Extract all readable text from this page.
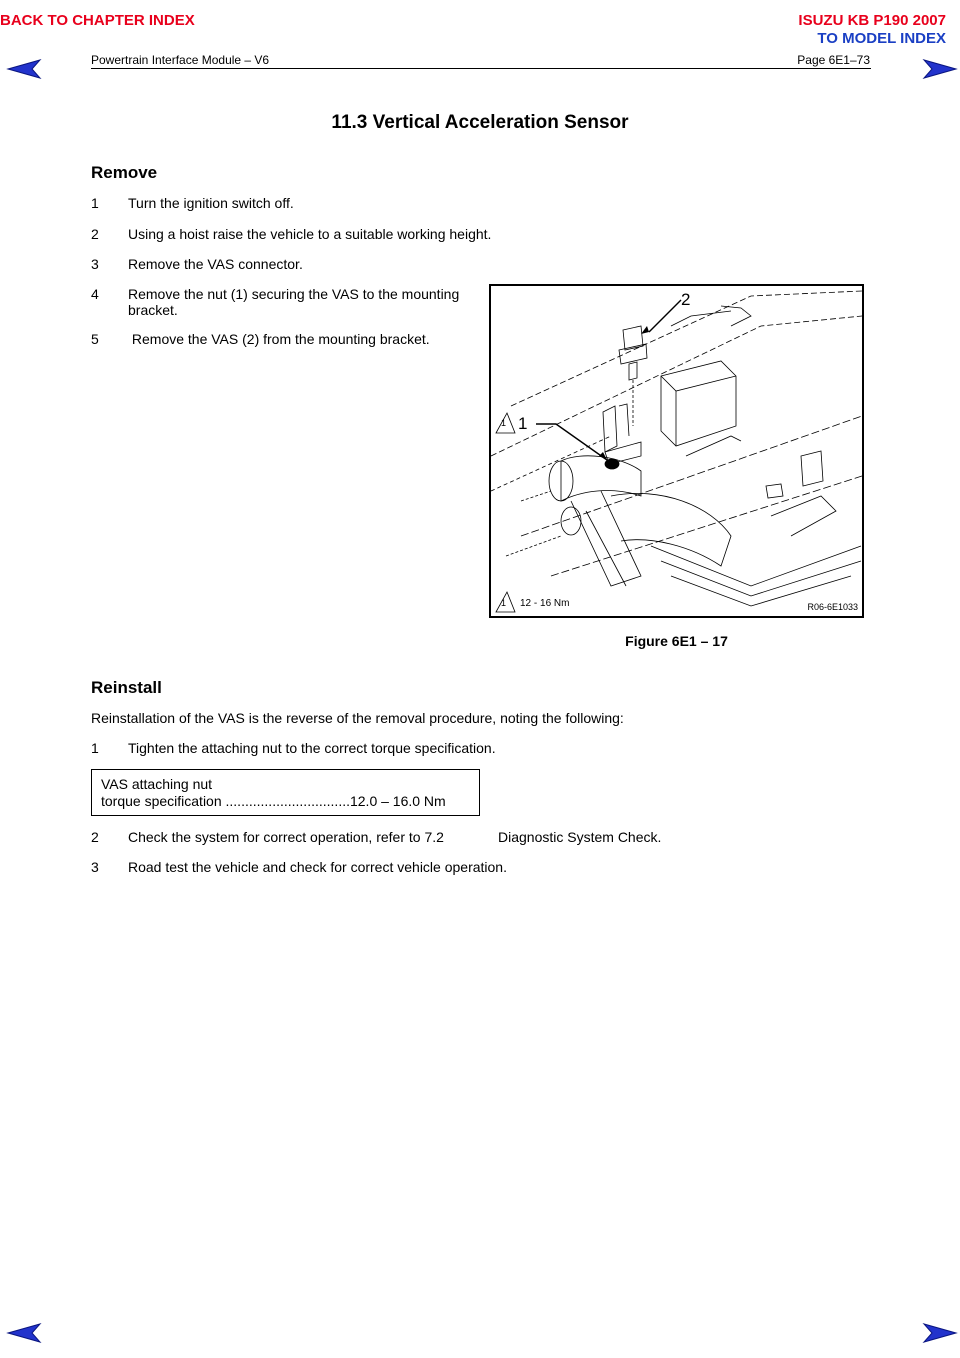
BACK TO CHAPTER INDEX	ISUZU KB P190 2007
TO MODEL INDEX
Powertrain Interface Module – V6	Page 6E1–73
11.3 Vertical Acceleration Sensor
Remove
1 Turn the ignition switch off.
2 Using a hoist raise the vehicle to a suitable working height.
3 Remove the VAS connector.
4 Remove the nut (1) securing the VAS to the mounting
bracket.
5 Remove the VAS (2) from the mounting bracket.
2
1
1
1 12 - 16 Nm	R06-6E1033
Figure 6E1 – 17
Reinstall
Reinstallation of the VAS is the reverse of the removal procedure, noting the following:
1 Tighten the attaching nut to the correct torque specification.
VAS attaching nut
torque specification ................................12.0 – 16.0 Nm
2 Check the system for correct operation, refer to 7.2	Diagnostic System Check.
3 Road test the vehicle and check for correct vehicle operation.
